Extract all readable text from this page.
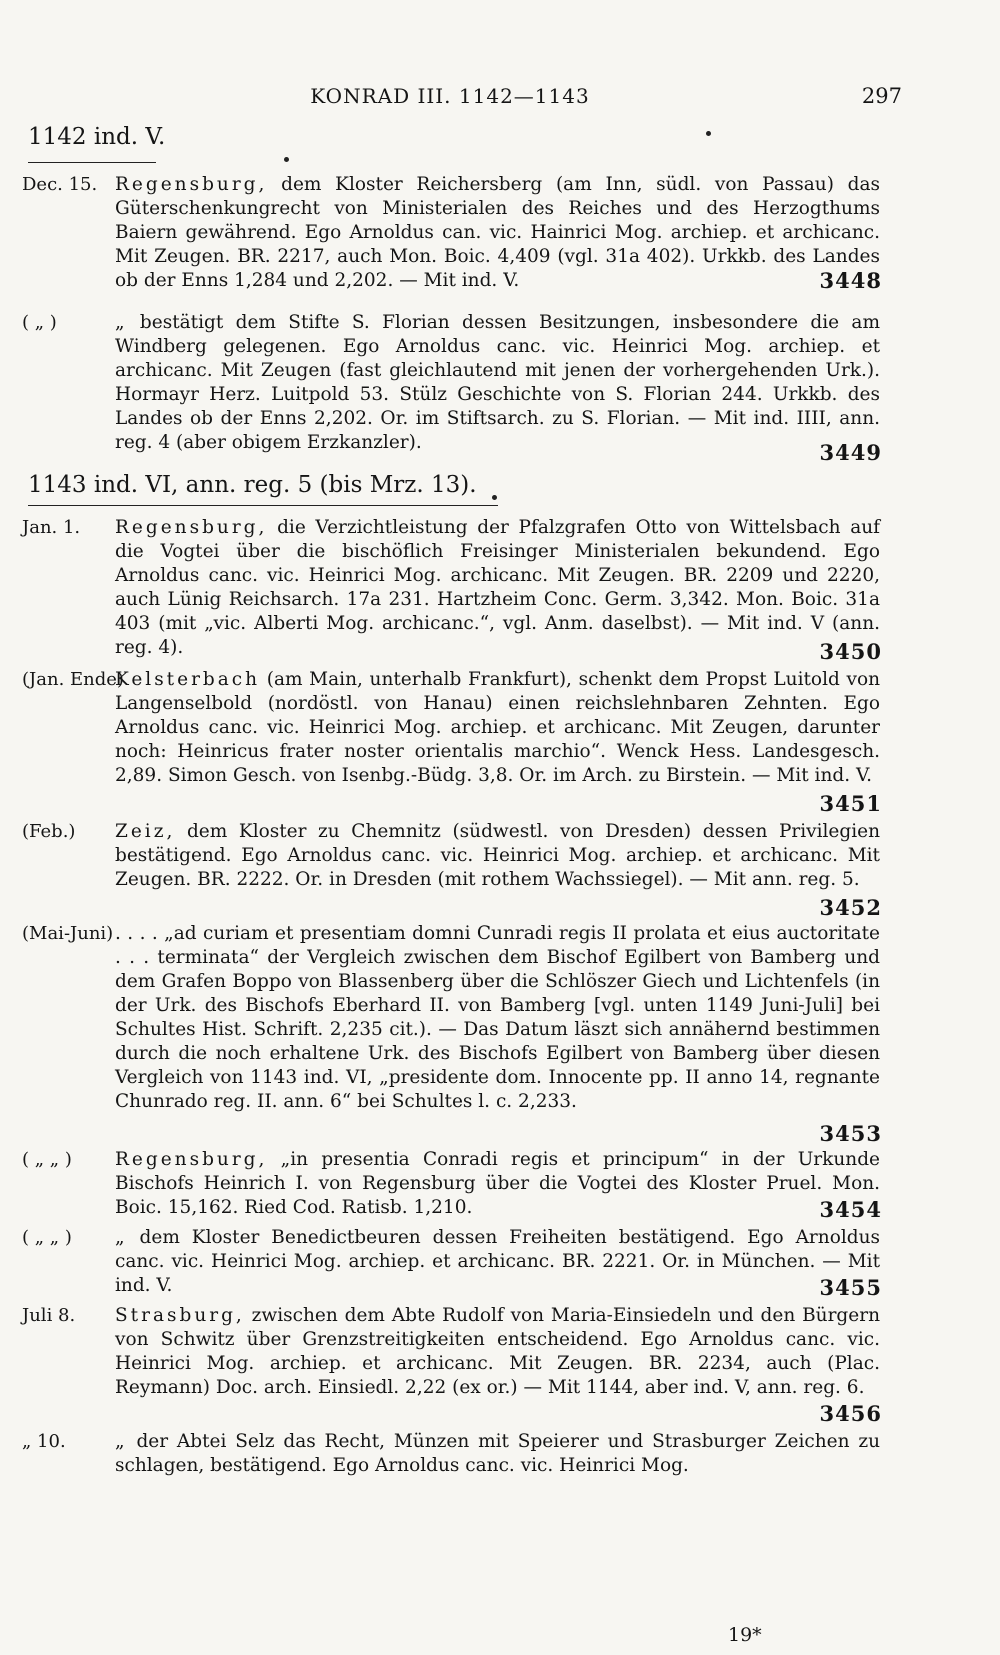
KONRAD III. 1142—1143	297
1142 ind. V.
Dec. 15. Regensburg, dem Kloster Reichersberg (am Inn, südl. von Passau) das Güterschenkungrecht von Ministerialen des Reiches und des Herzogthums Baiern gewährend. Ego Arnoldus can. vic. Hainrici Mog. archiep. et archicanc. Mit Zeugen. BR. 2217, auch Mon. Boic. 4,409 (vgl. 31a 402). Urkkb. des Landes ob der Enns 1,284 und 2,202. — Mit ind. V.	3448
( „ )	„ bestätigt dem Stifte S. Florian dessen Besitzungen, insbesondere die am Windberg gelegenen. Ego Arnoldus canc. vic. Heinrici Mog. archiep. et archicanc. Mit Zeugen (fast gleichlautend mit jenen der vorhergehenden Urk.). Hormayr Herz. Luitpold 53. Stülz Geschichte von S. Florian 244. Urkkb. des Landes ob der Enns 2,202. Or. im Stiftsarch. zu S. Florian. — Mit ind. IIII, ann. reg. 4 (aber obigem Erzkanzler).	3449
1143 ind. VI, ann. reg. 5 (bis Mrz. 13).
Jan. 1. Regensburg, die Verzichtleistung der Pfalzgrafen Otto von Wittelsbach auf die Vogtei über die bischöflich Freisinger Ministerialen bekundend. Ego Arnoldus canc. vic. Heinrici Mog. archicanc. Mit Zeugen. BR. 2209 und 2220, auch Lünig Reichsarch. 17a 231. Hartzheim Conc. Germ. 3,342. Mon. Boic. 31a 403 (mit „vic. Alberti Mog. archicanc.“, vgl. Anm. daselbst). — Mit ind. V (ann. reg. 4).	3450
(Jan. Ende)
Kelsterbach (am Main, unterhalb Frankfurt), schenkt dem Propst Luitold von Langenselbold (nordöstl. von Hanau) einen reichslehnbaren Zehnten. Ego Arnoldus canc. vic. Heinrici Mog. archiep. et archicanc. Mit Zeugen, darunter noch: Heinricus frater noster orientalis marchio“. Wenck Hess. Landesgesch. 2,89. Simon Gesch. von Isenbg.-Büdg. 3,8. Or. im Arch. zu Birstein. — Mit ind. V.
3451
(Feb.) Zeiz, dem Kloster zu Chemnitz (südwestl. von Dresden) dessen Privilegien bestätigend. Ego Arnoldus canc. vic. Heinrici Mog. archiep. et archicanc. Mit Zeugen. BR. 2222. Or. in Dresden (mit rothem Wachssiegel). — Mit ann. reg. 5.
3452
(Mai-Juni) . . . . „ad curiam et presentiam domni Cunradi regis II prolata et eius auctoritate . . . terminata“ der Vergleich zwischen dem Bischof Egilbert von Bamberg und dem Grafen Boppo von Blassenberg über die Schlöszer Giech und Lichtenfels (in der Urk. des Bischofs Eberhard II. von Bamberg [vgl. unten 1149 Juni-Juli] bei Schultes Hist. Schrift. 2,235 cit.). — Das Datum läszt sich annähernd bestimmen durch die noch erhaltene Urk. des Bischofs Egilbert von Bamberg über diesen Vergleich von 1143 ind. VI, „presidente dom. Innocente pp. II anno 14, regnante Chunrado reg. II. ann. 6“ bei Schultes l. c. 2,233.
3453
( „ „ ) Regensburg, „in presentia Conradi regis et principum“ in der Urkunde Bischofs Heinrich I. von Regensburg über die Vogtei des Kloster Pruel. Mon. Boic. 15,162. Ried Cod. Ratisb. 1,210.	3454
( „ „ ) „ dem Kloster Benedictbeuren dessen Freiheiten bestätigend. Ego Arnoldus canc. vic. Heinrici Mog. archiep. et archicanc. BR. 2221. Or. in München. — Mit ind. V.	3455
Juli 8. Strasburg, zwischen dem Abte Rudolf von Maria-Einsiedeln und den Bürgern von Schwitz über Grenzstreitigkeiten entscheidend. Ego Arnoldus canc. vic. Heinrici Mog. archiep. et archicanc. Mit Zeugen. BR. 2234, auch (Plac. Reymann) Doc. arch. Einsiedl. 2,22 (ex or.) — Mit 1144, aber ind. V, ann. reg. 6.
3456
„ 10.	„ der Abtei Selz das Recht, Münzen mit Speierer und Strasburger Zeichen zu schlagen, bestätigend. Ego Arnoldus canc. vic. Heinrici Mog.
19*
